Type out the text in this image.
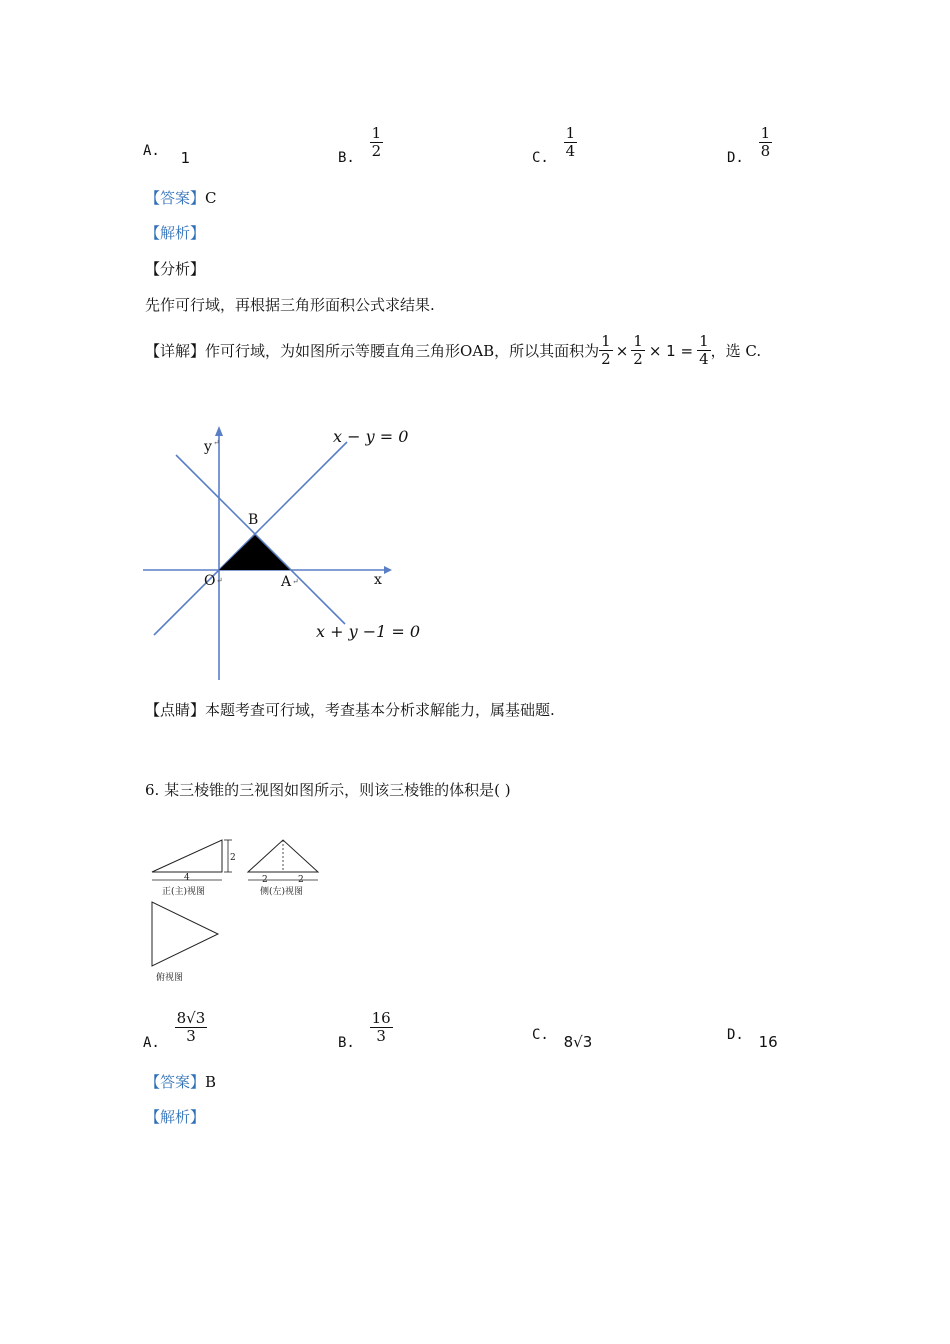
A. 1	B. $\frac{1}{2}$	C. $\frac{1}{4}$	D. $\frac{1}{8}$
【答案】C
【解析】
【分析】
先作可行域，再根据三角形面积公式求结果.
【详解】 作可行域，为如图所示等腰直角三角形OAB，所以其面积为 $\frac{1}{2} \times \frac{1}{2} \times 1 = \frac{1}{4}$ ，选 C.
x − y = 0
x + y −1 = 0
y ↵
x
O ↵	A ↵
B
【点睛】本题考查可行域，考查基本分析求解能力，属基础题.
6. 某三棱锥的三视图如图所示，则该三棱锥的体积是( )
2
4
正(主)视图
2	2
侧(左)视图
俯视图
A. $\frac{8√3}{3}$	B. $\frac{16}{3}$	C. 8√3	D. 16
【答案】B
【解析】
